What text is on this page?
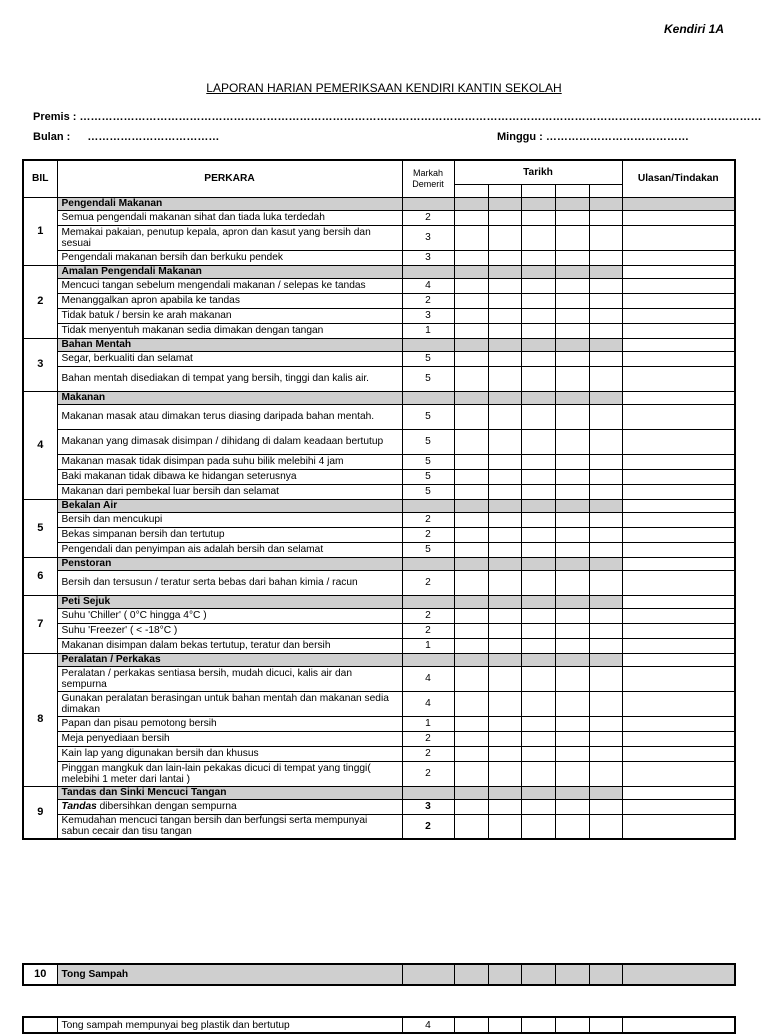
Kendiri 1A
LAPORAN HARIAN PEMERIKSAAN KENDIRI KANTIN SEKOLAH
Premis : ……………………………………………………………………………………………………………………………………………………………………
Bulan : ………………………………	Minggu : …………………………………
BIL	PERKARA	Markah
Demerit	Tarikh					Ulasan/Tindakan

1	Pengendali Makanan							
	Semua pengendali makanan sihat dan tiada luka terdedah	2						
	Memakai pakaian, penutup kepala, apron dan kasut yang bersih dan sesuai	3						
	Pengendali makanan bersih dan berkuku pendek	3						
2	Amalan Pengendali Makanan							
	Mencuci tangan sebelum mengendali makanan / selepas ke tandas	4						
	Menanggalkan apron apabila ke tandas	2						
	Tidak batuk / bersin ke arah makanan	3						
	Tidak menyentuh makanan sedia dimakan dengan tangan	1						
3	Bahan Mentah							
	Segar, berkualiti dan selamat	5						
	Bahan mentah disediakan di tempat yang bersih, tinggi dan kalis air.	5						
4	Makanan							
	Makanan masak atau dimakan terus diasing daripada bahan mentah.	5						
	Makanan yang dimasak disimpan / dihidang di dalam keadaan bertutup	5						
	Makanan masak tidak disimpan pada suhu bilik melebihi 4 jam	5						
	Baki makanan tidak dibawa ke hidangan seterusnya	5						
	Makanan dari pembekal luar bersih dan selamat	5						
5	Bekalan Air							
	Bersih dan mencukupi	2						
	Bekas simpanan bersih dan tertutup	2						
	Pengendali dan penyimpan ais adalah bersih dan selamat	5						
6	Penstoran							
	Bersih dan tersusun / teratur serta bebas dari bahan kimia / racun	2						
7	Peti Sejuk							
	Suhu 'Chiller' ( 0°C hingga 4°C )	2						
	Suhu 'Freezer' ( < -18°C )	2						
	Makanan disimpan dalam bekas tertutup, teratur dan bersih	1						
8	Peralatan / Perkakas							
	Peralatan / perkakas sentiasa bersih, mudah dicuci, kalis air dan sempurna	4						
	Gunakan peralatan berasingan untuk bahan mentah dan makanan sedia dimakan	4						
	Papan dan pisau pemotong bersih	1						
	Meja penyediaan bersih	2						
	Kain lap yang digunakan bersih dan khusus	2						
	Pinggan mangkuk dan lain-lain pekakas dicuci di tempat yang tinggi( melebihi 1 meter dari lantai )	2						
9	Tandas dan Sinki Mencuci Tangan							
	Tandas dibersihkan dengan sempurna	3						
	Kemudahan mencuci tangan bersih dan berfungsi serta mempunyai sabun cecair dan tisu tangan	2						
10	Tong Sampah							
	Tong sampah mempunyai beg plastik dan bertutup	4						
